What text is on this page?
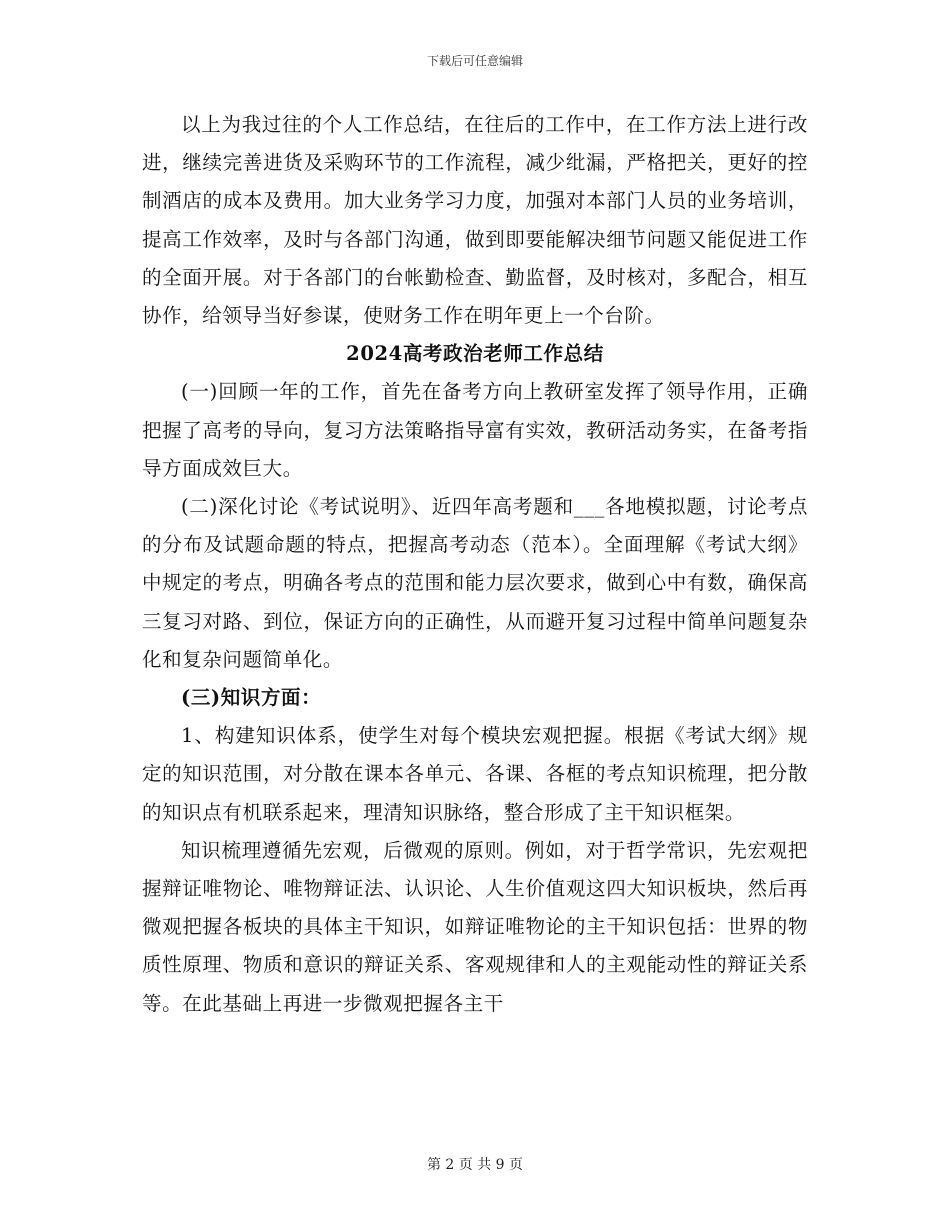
下载后可任意编辑

以上为我过往的个人工作总结，在往后的工作中，在工作方法上进行改进，继续完善进货及采购环节的工作流程，减少纰漏，严格把关，更好的控制酒店的成本及费用。加大业务学习力度，加强对本部门人员的业务培训，提高工作效率，及时与各部门沟通，做到即要能解决细节问题又能促进工作的全面开展。对于各部门的台帐勤检查、勤监督，及时核对，多配合，相互协作，给领导当好参谋，使财务工作在明年更上一个台阶。

2024高考政治老师工作总结

(一)回顾一年的工作，首先在备考方向上教研室发挥了领导作用，正确把握了高考的导向，复习方法策略指导富有实效，教研活动务实，在备考指导方面成效巨大。

(二)深化讨论《考试说明》、近四年高考题和___各地模拟题，讨论考点的分布及试题命题的特点，把握高考动态（范本）。全面理解《考试大纲》中规定的考点，明确各考点的范围和能力层次要求，做到心中有数，确保高三复习对路、到位，保证方向的正确性，从而避开复习过程中简单问题复杂化和复杂问题简单化。

(三)知识方面：

1、构建知识体系，使学生对每个模块宏观把握。根据《考试大纲》规定的知识范围，对分散在课本各单元、各课、各框的考点知识梳理，把分散的知识点有机联系起来，理清知识脉络，整合形成了主干知识框架。

知识梳理遵循先宏观，后微观的原则。例如，对于哲学常识，先宏观把握辩证唯物论、唯物辩证法、认识论、人生价值观这四大知识板块，然后再微观把握各板块的具体主干知识，如辩证唯物论的主干知识包括：世界的物质性原理、物质和意识的辩证关系、客观规律和人的主观能动性的辩证关系等。在此基础上再进一步微观把握各主干

第 2 页 共 9 页
